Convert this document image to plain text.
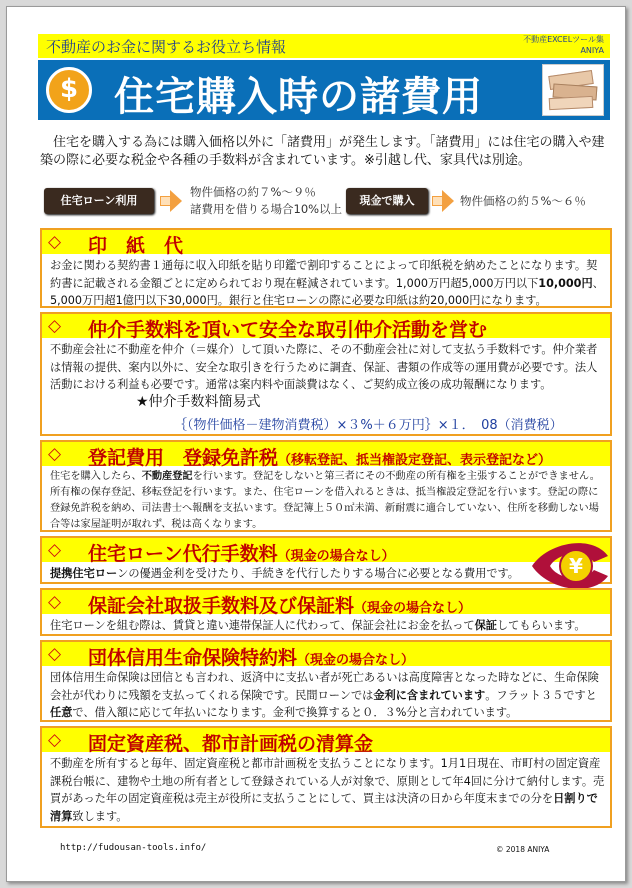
不動産のお金に関するお役立ち情報	不動産EXCELツール集
ANIYA
$ 住宅購入時の諸費用

住宅を購入する為には購入価格以外に「諸費用」が発生します。「諸費用」には住宅の購入や建築の際に必要な税金や各種の手数料が含まれています。※引越し代、家具代は別途。

住宅ローン利用
物件価格の約７%～９％
諸費用を借りる場合10%以上
現金で購入	物件価格の約５%～６％
◇ 印　紙　代
お金に関わる契約書１通毎に収入印紙を貼り印鑑で割印することによって印紙税を納めたことになります。契約書に記載される金額ごとに定められており現在軽減されています。1,000万円超5,000万円以下10,000円、5,000万円超1億円以下30,000円。銀行と住宅ローンの際に必要な印紙は約20,000円になります。
◇ 仲介手数料を頂いて安全な取引仲介活動を営む
不動産会社に不動産を仲介（＝媒介）して頂いた際に、その不動産会社に対して支払う手数料です。仲介業者は情報の提供、案内以外に、安全な取引きを行うために調査、保証、書類の作成等の運用費が必要です。法人活動における利益も必要です。通常は案内料や面談費はなく、ご契約成立後の成功報酬になります。
★仲介手数料簡易式
｛（物件価格－建物消費税）×３%＋６万円｝×１．　08（消費税）
◇ 登記費用　登録免許税（移転登記、抵当権設定登記、表示登記など）
住宅を購入したら、不動産登記を行います。登記をしないと第三者にその不動産の所有権を主張することができません。所有権の保存登記、移転登記を行います。また、住宅ローンを借入れるときは、抵当権設定登記を行います。登記の際に登録免許税を納め、司法書士へ報酬を支払います。登記簿上５０㎡未満、新耐震に適合していない、住所を移動しない場合等は家屋証明が取れず、税は高くなります。
◇ 住宅ローン代行手数料（現金の場合なし）
提携住宅ローンの優遇金利を受けたり、手続きを代行したりする場合に必要となる費用です。	¥
◇ 保証会社取扱手数料及び保証料（現金の場合なし）
住宅ローンを組む際は、賃貸と違い連帯保証人に代わって、保証会社にお金を払って保証してもらいます。
◇ 団体信用生命保険特約料（現金の場合なし）
団体信用生命保険は団信とも言われ、返済中に支払い者が死亡あるいは高度障害となった時などに、生命保険会社が代わりに残額を支払ってくれる保険です。民間ローンでは金利に含まれています。フラット３５ですと任意で、借入額に応じて年払いになります。金利で換算すると０．３%分と言われています。
◇ 固定資産税、都市計画税の清算金
不動産を所有すると毎年、固定資産税と都市計画税を支払うことになります。1月1日現在、市町村の固定資産課税台帳に、建物や土地の所有者として登録されている人が対象で、原則として年4回に分けて納付します。売買があった年の固定資産税は売主が役所に支払うことにして、買主は決済の日から年度末までの分を日割りで清算致します。
http://fudousan-tools.info/	© 2018 ANIYA
